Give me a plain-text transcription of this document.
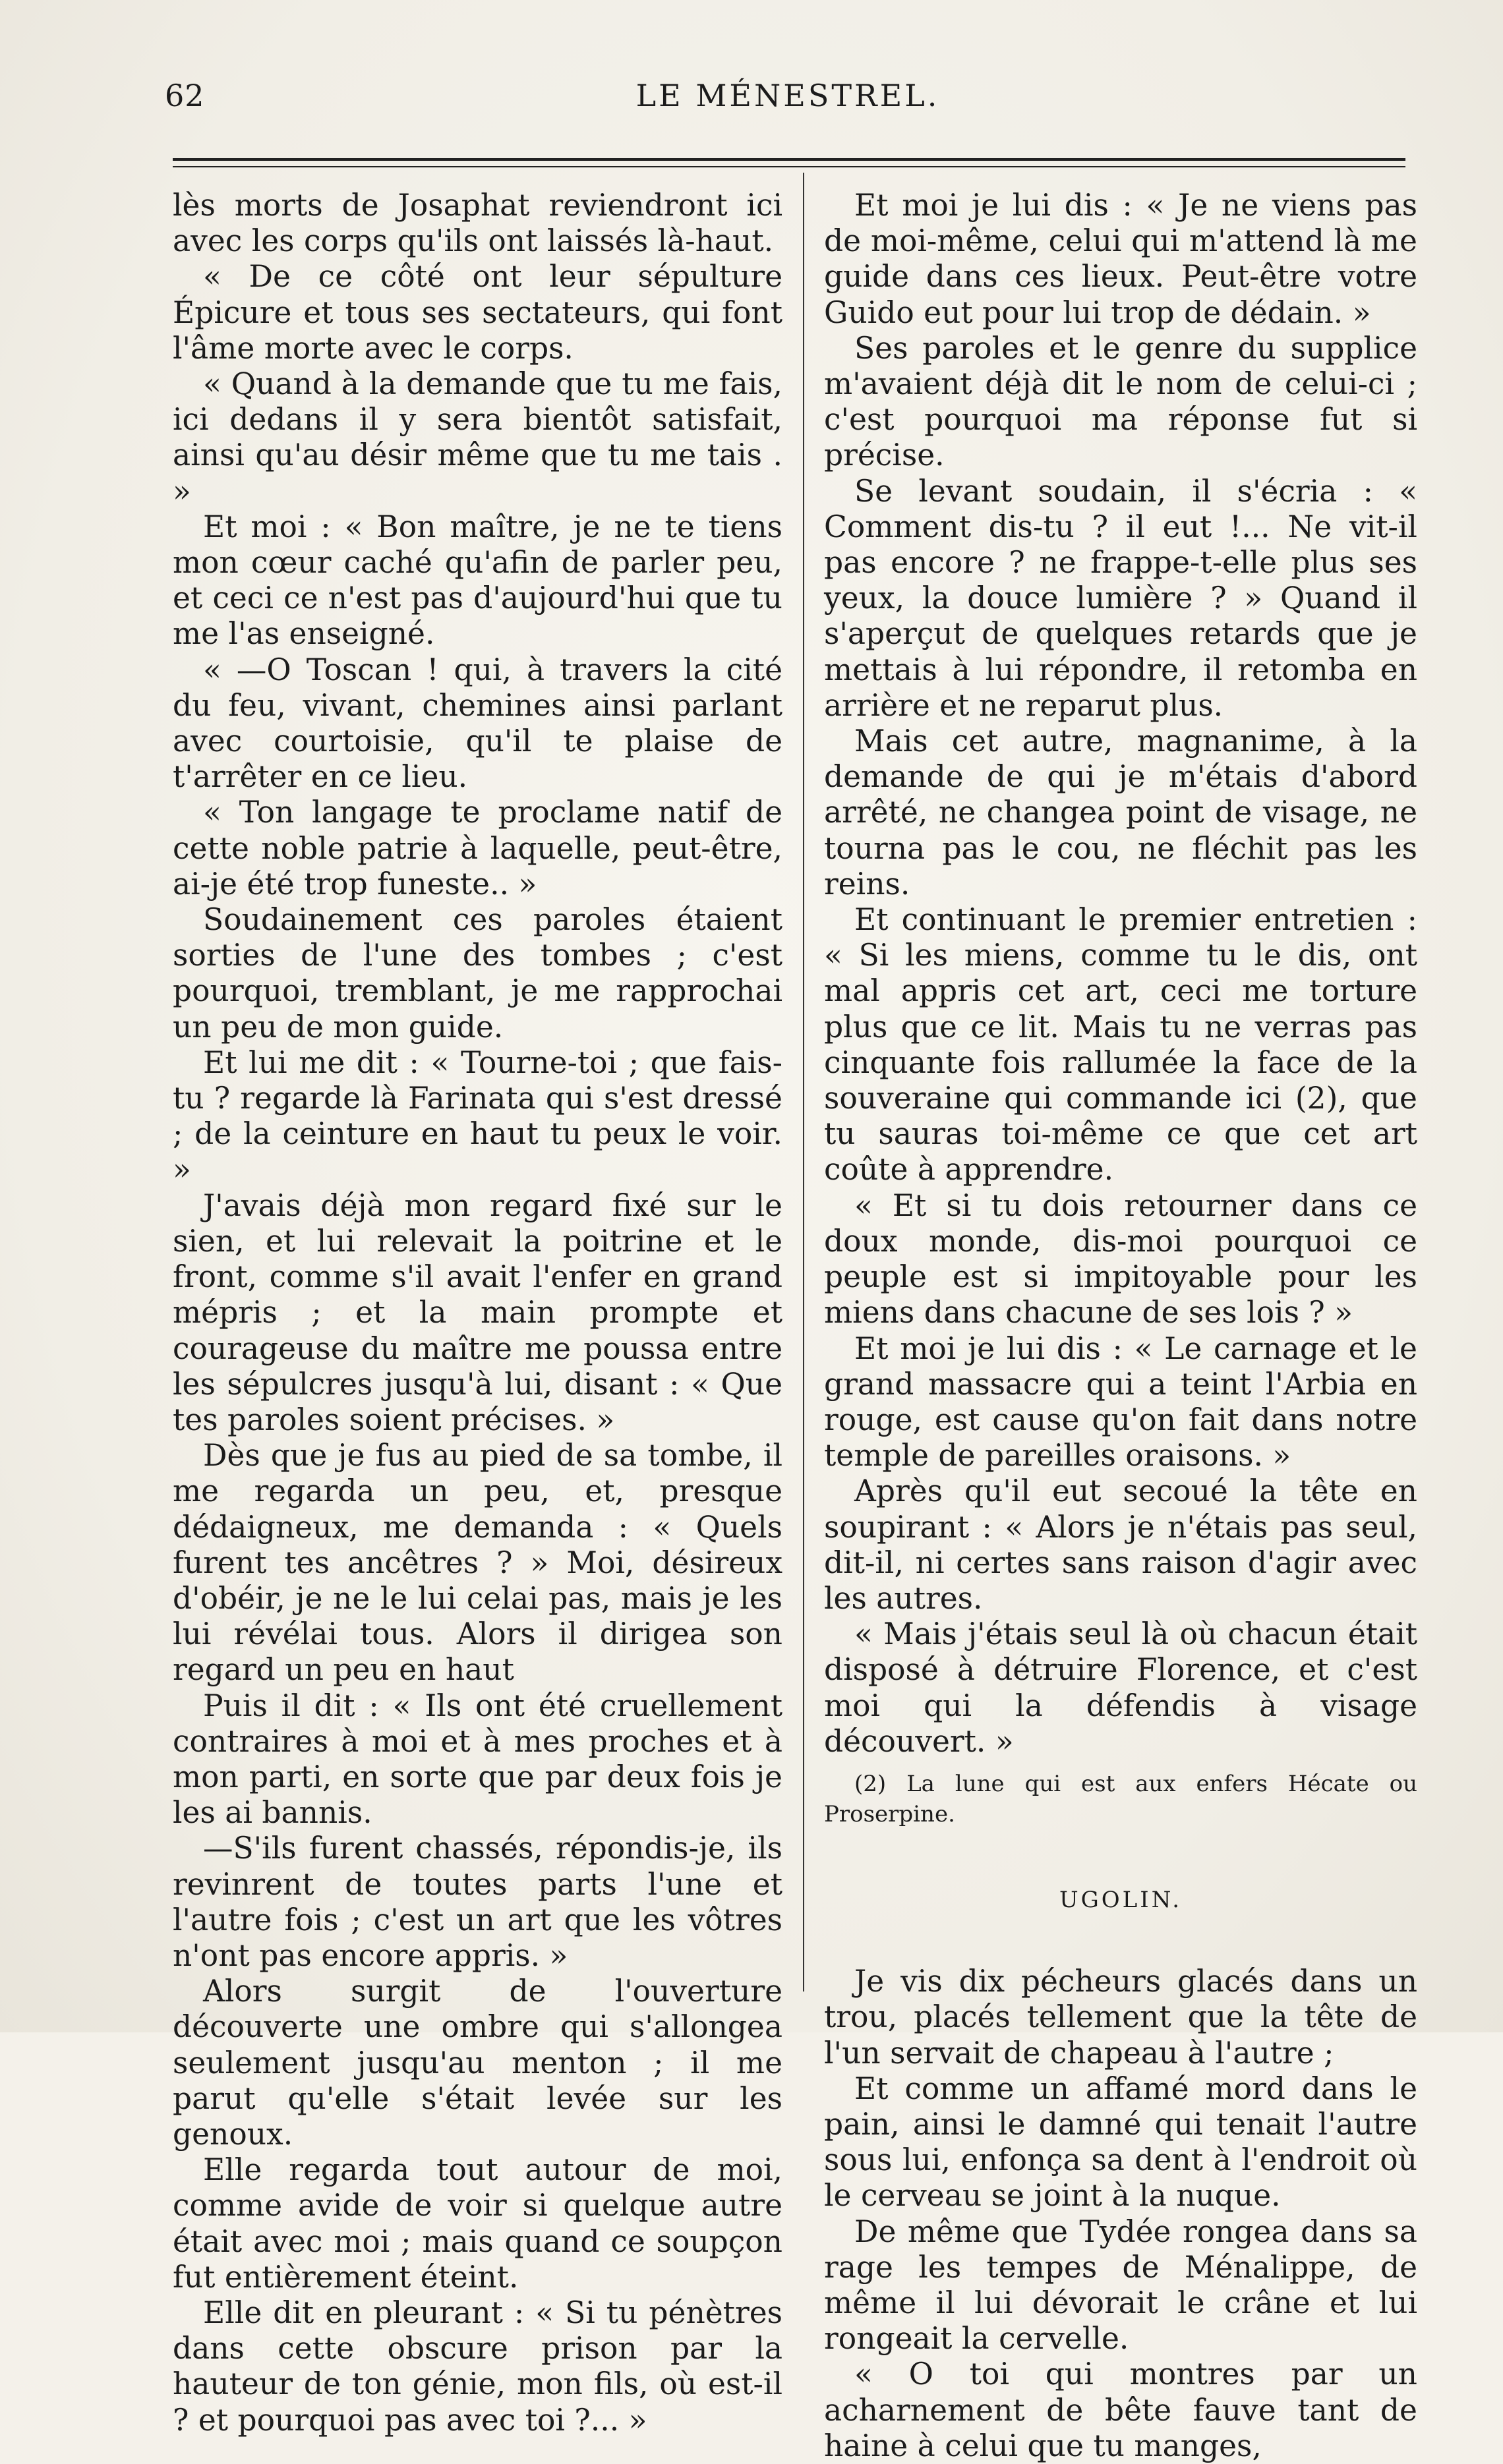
62	LE MÉNESTREL.

lès morts de Josaphat reviendront ici avec les corps qu'ils ont laissés là-haut.

« De ce côté ont leur sépulture Épicure et tous ses sectateurs, qui font l'âme morte avec le corps.

« Quand à la demande que tu me fais, ici dedans il y sera bientôt satisfait, ainsi qu'au désir même que tu me tais . »

Et moi : « Bon maître, je ne te tiens mon cœur caché qu'afin de parler peu, et ceci ce n'est pas d'aujourd'hui que tu me l'as enseigné.

« —O Toscan ! qui, à travers la cité du feu, vivant, chemines ainsi parlant avec courtoisie, qu'il te plaise de t'arrêter en ce lieu.

« Ton langage te proclame natif de cette noble patrie à laquelle, peut-être, ai-je été trop funeste.. »

Soudainement ces paroles étaient sorties de l'une des tombes ; c'est pourquoi, tremblant, je me rapprochai un peu de mon guide.

Et lui me dit : « Tourne-toi ; que fais-tu ? regarde là Farinata qui s'est dressé ; de la ceinture en haut tu peux le voir. »

J'avais déjà mon regard fixé sur le sien, et lui relevait la poitrine et le front, comme s'il avait l'enfer en grand mépris ; et la main prompte et courageuse du maître me poussa entre les sépulcres jusqu'à lui, disant : « Que tes paroles soient précises. »

Dès que je fus au pied de sa tombe, il me regarda un peu, et, presque dédaigneux, me demanda : « Quels furent tes ancêtres ? » Moi, désireux d'obéir, je ne le lui celai pas, mais je les lui révélai tous. Alors il dirigea son regard un peu en haut

Puis il dit : « Ils ont été cruellement contraires à moi et à mes proches et à mon parti, en sorte que par deux fois je les ai bannis.

—S'ils furent chassés, répondis-je, ils revinrent de toutes parts l'une et l'autre fois ; c'est un art que les vôtres n'ont pas encore appris. »

Alors surgit de l'ouverture découverte une ombre qui s'allongea seulement jusqu'au menton ; il me parut qu'elle s'était levée sur les genoux.

Elle regarda tout autour de moi, comme avide de voir si quelque autre était avec moi ; mais quand ce soupçon fut entièrement éteint.

Elle dit en pleurant : « Si tu pénètres dans cette obscure prison par la hauteur de ton génie, mon fils, où est-il ? et pourquoi pas avec toi ?... »

Et moi je lui dis : « Je ne viens pas de moi-même, celui qui m'attend là me guide dans ces lieux. Peut-être votre Guido eut pour lui trop de dédain. »

Ses paroles et le genre du supplice m'avaient déjà dit le nom de celui-ci ; c'est pourquoi ma réponse fut si précise.

Se levant soudain, il s'écria : « Comment dis-tu ? il eut !... Ne vit-il pas encore ? ne frappe-t-elle plus ses yeux, la douce lumière ? » Quand il s'aperçut de quelques retards que je mettais à lui répondre, il retomba en arrière et ne reparut plus.

Mais cet autre, magnanime, à la demande de qui je m'étais d'abord arrêté, ne changea point de visage, ne tourna pas le cou, ne fléchit pas les reins.

Et continuant le premier entretien : « Si les miens, comme tu le dis, ont mal appris cet art, ceci me torture plus que ce lit. Mais tu ne verras pas cinquante fois rallumée la face de la souveraine qui commande ici (2), que tu sauras toi-même ce que cet art coûte à apprendre.

« Et si tu dois retourner dans ce doux monde, dis-moi pourquoi ce peuple est si impitoyable pour les miens dans chacune de ses lois ? »

Et moi je lui dis : « Le carnage et le grand massacre qui a teint l'Arbia en rouge, est cause qu'on fait dans notre temple de pareilles oraisons. »

Après qu'il eut secoué la tête en soupirant : « Alors je n'étais pas seul, dit-il, ni certes sans raison d'agir avec les autres.

« Mais j'étais seul là où chacun était disposé à détruire Florence, et c'est moi qui la défendis à visage découvert. »

(2) La lune qui est aux enfers Hécate ou Proserpine.

UGOLIN.

Je vis dix pécheurs glacés dans un trou, placés tellement que la tête de l'un servait de chapeau à l'autre ;

Et comme un affamé mord dans le pain, ainsi le damné qui tenait l'autre sous lui, enfonça sa dent à l'endroit où le cerveau se joint à la nuque.

De même que Tydée rongea dans sa rage les tempes de Ménalippe, de même il lui dévorait le crâne et lui rongeait la cervelle.

« O toi qui montres par un acharnement de bête fauve tant de haine à celui que tu manges,
